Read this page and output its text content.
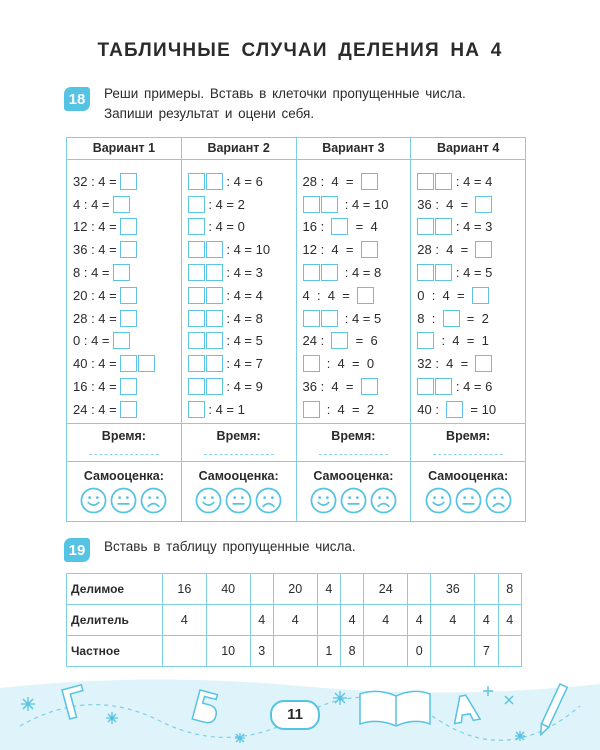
ТАБЛИЧНЫЕ СЛУЧАИ ДЕЛЕНИЯ НА 4
18	Реши примеры. Вставь в клеточки пропущенные числа.
Запиши результат и оцени себя.
Вариант 1
32 : 4 =
4 : 4 =
12 : 4 =
36 : 4 =
8 : 4 =
20 : 4 =
28 : 4 =
0 : 4 =
40 : 4 =
16 : 4 =
24 : 4 =
Время:
Самооценка:
Вариант 2
: 4 = 6
: 4 = 2
: 4 = 0
: 4 = 10
: 4 = 3
: 4 = 4
: 4 = 8
: 4 = 5
: 4 = 7
: 4 = 9
: 4 = 1
Время:
Самооценка:
Вариант 3
28 :  4  =
: 4 = 10
16 : =  4
12 :  4  =
: 4 = 8
4  :  4  =
: 4 = 5
24 : =  6
:  4  =  0
36 :  4  =
:  4  =  2
Время:
Самооценка:
Вариант 4
: 4 = 4
36 :  4  =
: 4 = 3
28 :  4  =
: 4 = 5
0  :  4  =
8  : =  2
:  4  =  1
32 :  4  =
: 4 = 6
40 : = 10
Время:
Самооценка:
19	Вставь в таблицу пропущенные числа.
Делимое	16	40		20	4		24		36		8
Делитель	4		4	4		4	4	4	4	4	4
Частное		10	3		1	8		0		7	
11
